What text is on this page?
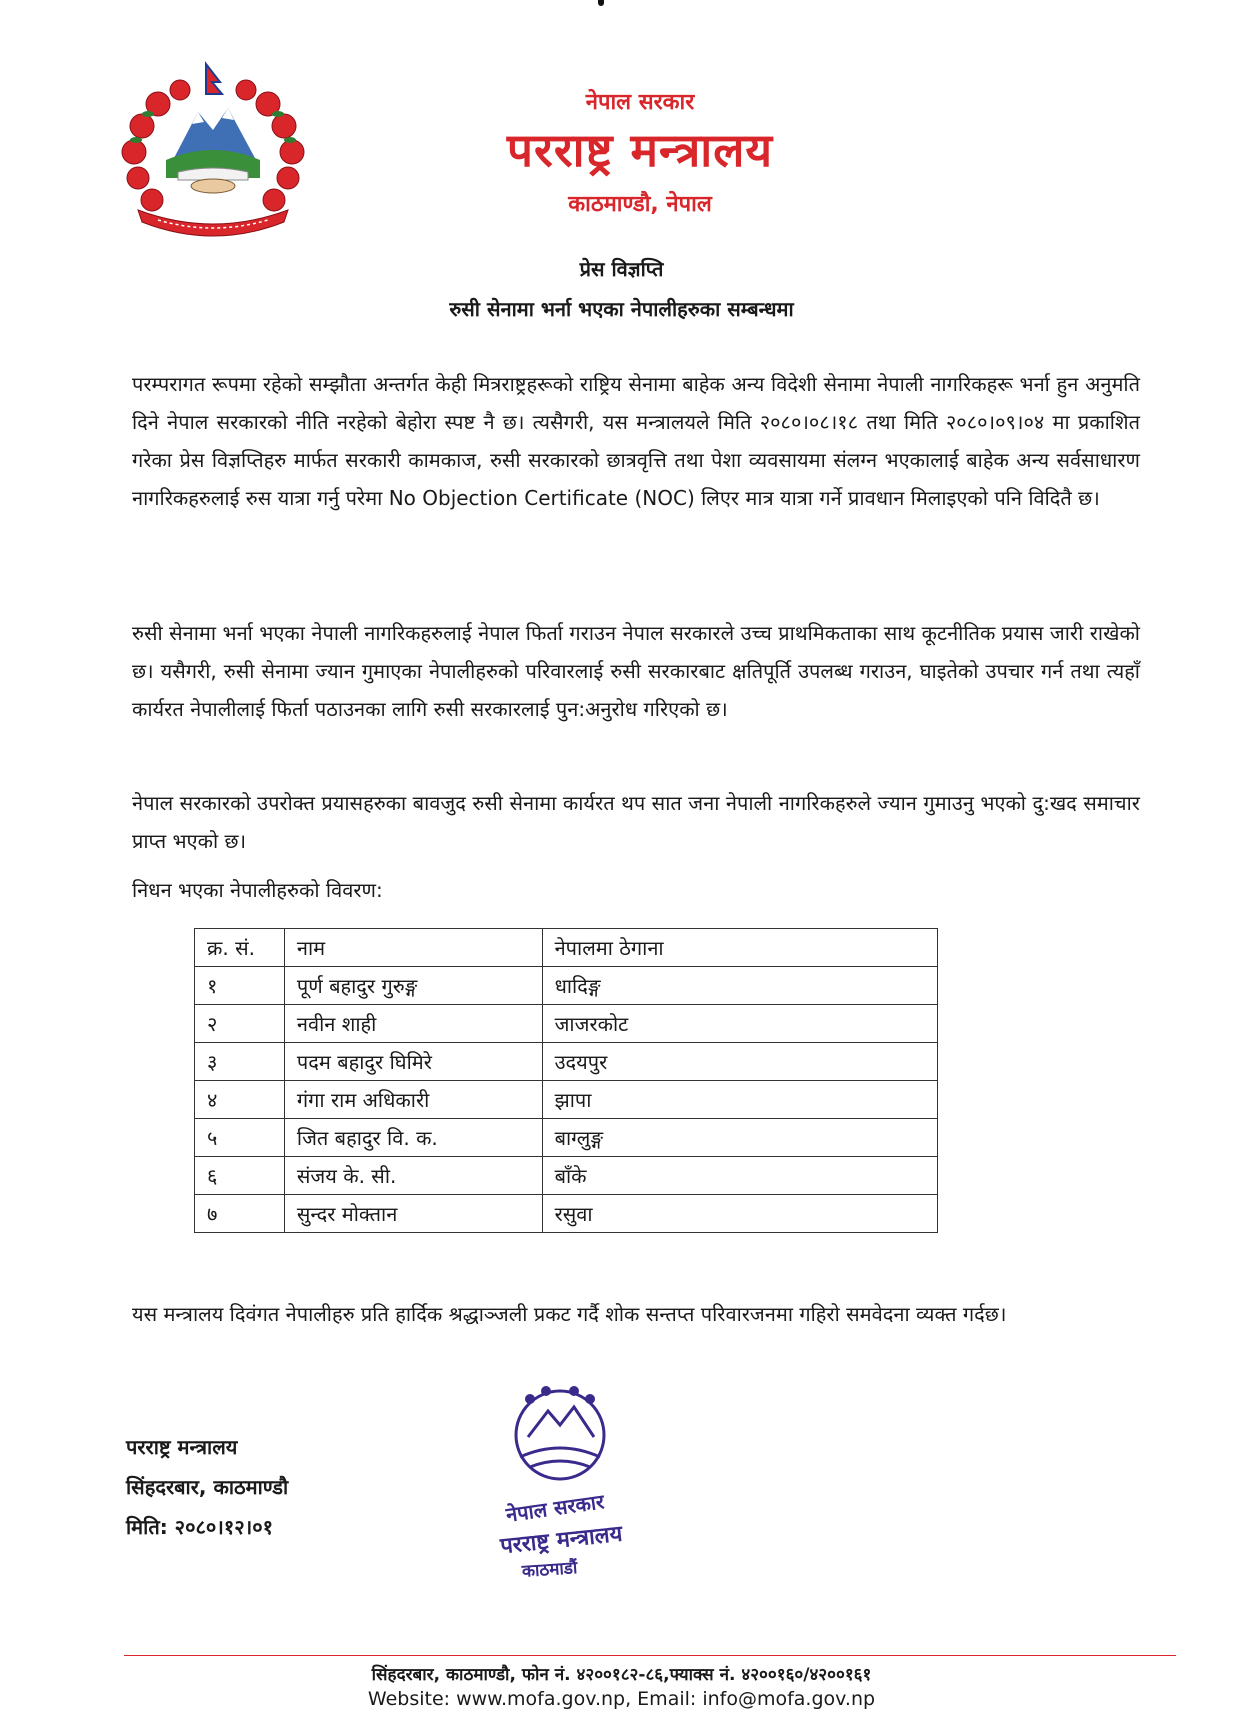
नेपाल सरकार
परराष्ट्र मन्त्रालय
काठमाण्डौ, नेपाल
प्रेस विज्ञप्ति
रुसी सेनामा भर्ना भएका नेपालीहरुका सम्बन्धमा

परम्परागत रूपमा रहेको सम्झौता अन्तर्गत केही मित्रराष्ट्रहरूको राष्ट्रिय सेनामा बाहेक अन्य विदेशी सेनामा नेपाली नागरिकहरू भर्ना हुन अनुमति दिने नेपाल सरकारको नीति नरहेको बेहोरा स्पष्ट नै छ। त्यसैगरी, यस मन्त्रालयले मिति २०८०।०८।१८ तथा मिति २०८०।०९।०४ मा प्रकाशित गरेका प्रेस विज्ञप्तिहरु मार्फत सरकारी कामकाज, रुसी सरकारको छात्रवृत्ति तथा पेशा व्यवसायमा संलग्न भएकालाई बाहेक अन्य सर्वसाधारण नागरिकहरुलाई रुस यात्रा गर्नु परेमा No Objection Certificate (NOC) लिएर मात्र यात्रा गर्ने प्रावधान मिलाइएको पनि विदितै छ।

रुसी सेनामा भर्ना भएका नेपाली नागरिकहरुलाई नेपाल फिर्ता गराउन नेपाल सरकारले उच्च प्राथमिकताका साथ कूटनीतिक प्रयास जारी राखेको छ। यसैगरी, रुसी सेनामा ज्यान गुमाएका नेपालीहरुको परिवारलाई रुसी सरकारबाट क्षतिपूर्ति उपलब्ध गराउन, घाइतेको उपचार गर्न तथा त्यहाँ कार्यरत नेपालीलाई फिर्ता पठाउनका लागि रुसी सरकारलाई पुन:अनुरोध गरिएको छ।

नेपाल सरकारको उपरोक्त प्रयासहरुका बावजुद रुसी सेनामा कार्यरत थप सात जना नेपाली नागरिकहरुले ज्यान गुमाउनु भएको दु:खद समाचार प्राप्त भएको छ।

निधन भएका नेपालीहरुको विवरण:
क्र. सं.	नाम	नेपालमा ठेगाना
१	पूर्ण बहादुर गुरुङ्ग	धादिङ्ग
२	नवीन शाही	जाजरकोट
३	पदम बहादुर घिमिरे	उदयपुर
४	गंगा राम अधिकारी	झापा
५	जित बहादुर वि. क.	बाग्लुङ्ग
६	संजय के. सी.	बाँके
७	सुन्दर मोक्तान	रसुवा

यस मन्त्रालय दिवंगत नेपालीहरु प्रति हार्दिक श्रद्धाञ्जली प्रकट गर्दै शोक सन्तप्त परिवारजनमा गहिरो समवेदना व्यक्त गर्दछ।

परराष्ट्र मन्त्रालय
सिंहदरबार, काठमाण्डौ
मिति: २०८०।१२।०१
नेपाल सरकार
परराष्ट्र मन्त्रालय
काठमाडौं
सिंहदरबार, काठमाण्डौ, फोन नं. ४२००१८२-८६,फ्याक्स नं. ४२००१६०/४२००१६१
Website: www.mofa.gov.np, Email: info@mofa.gov.np
